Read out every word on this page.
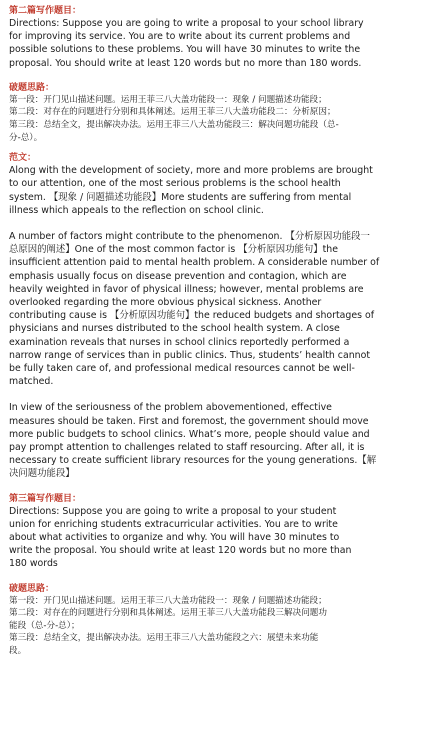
第二篇写作题目：

Directions: Suppose you are going to write a proposal to your school library

for improving its service. You are to write about its current problems and

possible solutions to these problems. You will have 30 minutes to write the

proposal. You should write at least 120 words but no more than 180 words.

破题思路：

第一段：开门见山描述问题。运用王菲三八大盖功能段一：现象 / 问题描述功能段；

第二段：对存在的问题进行分别和具体阐述。运用王菲三八大盖功能段二：分析原因；

第三段：总结全文，提出解决办法。运用王菲三八大盖功能段三：解决问题功能段（总-

分-总）。

范文：

Along with the development of society, more and more problems are brought

to our attention, one of the most serious problems is the school health

system. 【现象 / 问题描述功能段】More students are suffering from mental

illness which appeals to the reflection on school clinic.

A number of factors might contribute to the phenomenon. 【分析原因功能段一

总原因的阐述】One of the most common factor is 【分析原因功能句】the

insufficient attention paid to mental health problem. A considerable number of

emphasis usually focus on disease prevention and contagion, which are

heavily weighted in favor of physical illness; however, mental problems are

overlooked regarding the more obvious physical sickness. Another

contributing cause is 【分析原因功能句】the reduced budgets and shortages of

physicians and nurses distributed to the school health system. A close

examination reveals that nurses in school clinics reportedly performed a

narrow range of services than in public clinics. Thus, students’ health cannot

be fully taken care of, and professional medical resources cannot be well-

matched.

In view of the seriousness of the problem abovementioned, effective

measures should be taken. First and foremost, the government should move

more public budgets to school clinics. What’s more, people should value and

pay prompt attention to challenges related to staff resourcing. After all, it is

necessary to create sufficient library resources for the young generations.【解

决问题功能段】

第三篇写作题目：

Directions: Suppose you are going to write a proposal to your student

union for enriching students extracurricular activities. You are to write

about what activities to organize and why. You will have 30 minutes to

write the proposal. You should write at least 120 words but no more than

180 words

破题思路：

第一段：开门见山描述问题。运用王菲三八大盖功能段一：现象 / 问题描述功能段；

第二段：对存在的问题进行分别和具体阐述。运用王菲三八大盖功能段三解决问题功

能段（总-分-总）；

第三段：总结全文，提出解决办法。运用王菲三八大盖功能段之六：展望未来功能

段。
